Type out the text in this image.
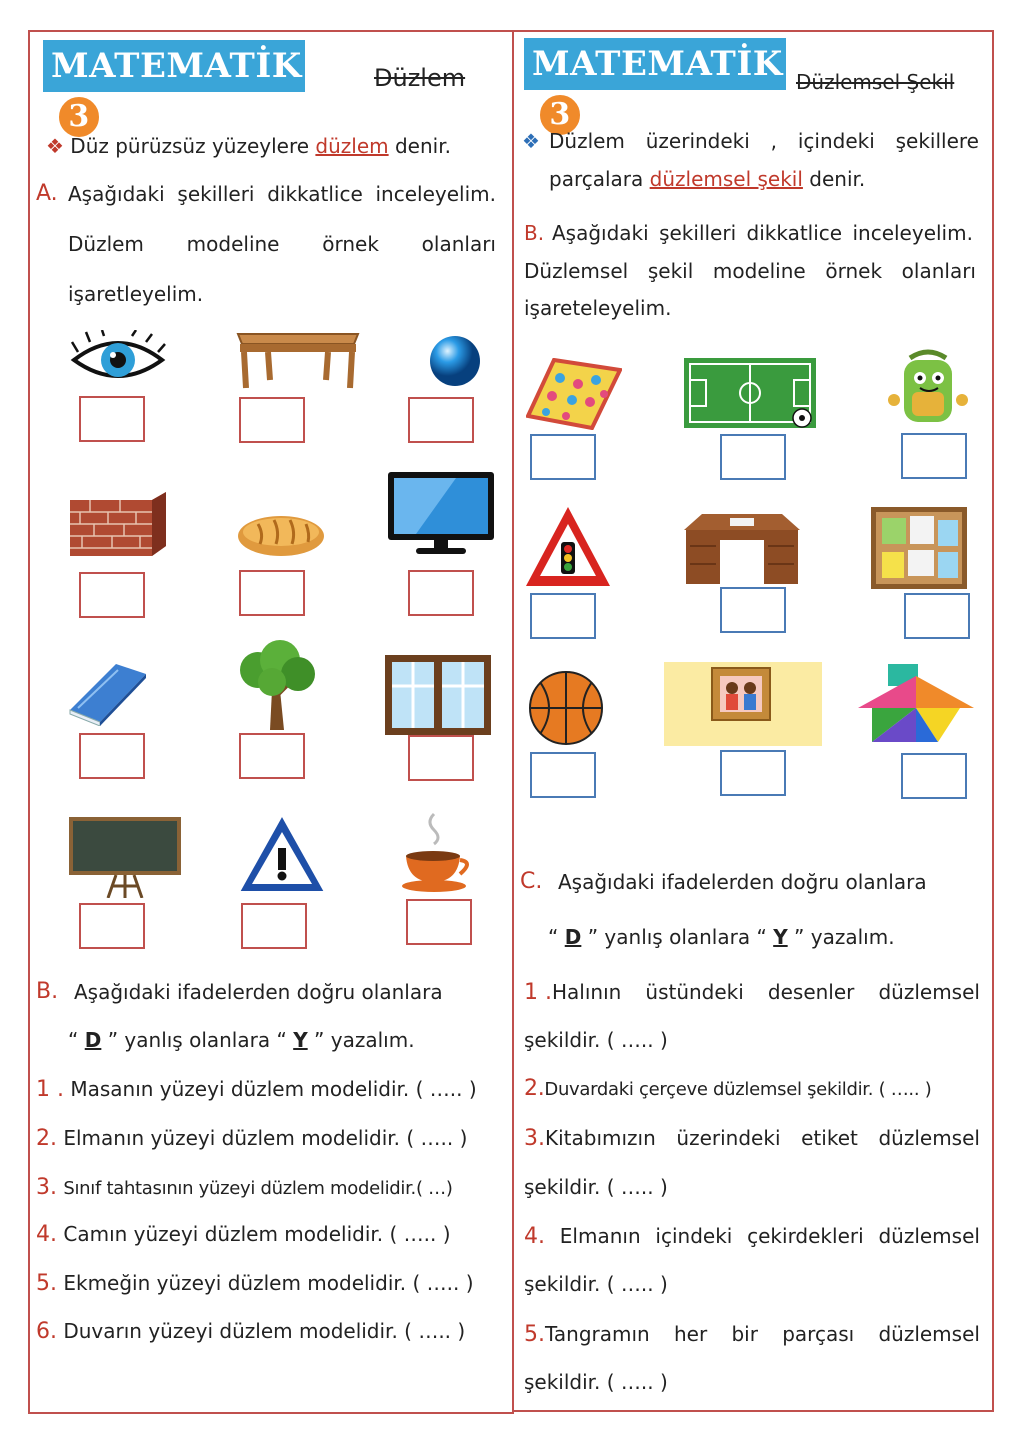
MATEMATİK3
Düzlem
❖ Düz pürüzsüz yüzeylere düzlem denir.
A. Aşağıdaki şekilleri dikkatlice inceleyelim.
Düzlem modeline örnek olanları
işaretleyelim.
B. Aşağıdaki ifadelerden doğru olanlara
“ D ” yanlış olanlara “ Y ” yazalım.
1 . Masanın yüzeyi düzlem modelidir. ( ….. )
2. Elmanın yüzeyi düzlem modelidir. ( ….. )
3. Sınıf tahtasının yüzeyi düzlem modelidir.( …)
4. Camın yüzeyi düzlem modelidir. ( ….. )
5. Ekmeğin yüzeyi düzlem modelidir. ( ….. )
6. Duvarın yüzeyi düzlem modelidir. ( ….. )
MATEMATİK3
Düzlemsel Şekil
❖ Düzlem üzerindeki , içindeki şekillere
parçalara düzlemsel şekil denir.
B. Aşağıdaki şekilleri dikkatlice inceleyelim.
Düzlemsel şekil modeline örnek olanları
işareteleyelim.
C. Aşağıdaki ifadelerden doğru olanlara
“ D ” yanlış olanlara “ Y ” yazalım.
1 .Halının üstündeki desenler düzlemsel
şekildir. ( ….. )
2.Duvardaki çerçeve düzlemsel şekildir. ( ….. )
3.Kitabımızın üzerindeki etiket düzlemsel
şekildir. ( ….. )
4. Elmanın içindeki çekirdekleri düzlemsel
şekildir. ( ….. )
5.Tangramın her bir parçası düzlemsel
şekildir. ( ….. )
